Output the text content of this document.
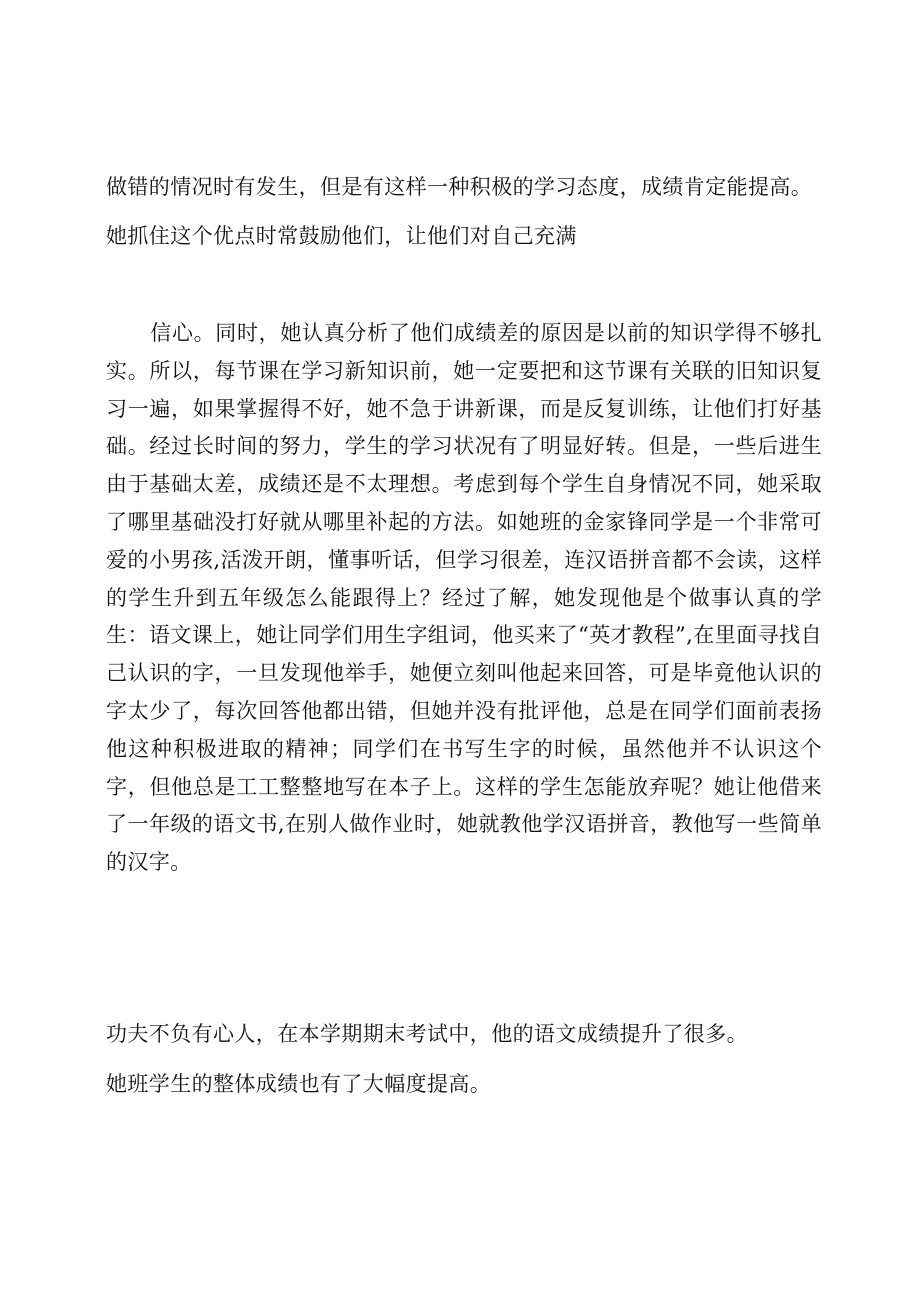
做错的情况时有发生，但是有这样一种积极的学习态度，成绩肯定能提高。
她抓住这个优点时常鼓励他们，让他们对自己充满
信心。同时，她认真分析了他们成绩差的原因是以前的知识学得不够扎实。所以，每节课在学习新知识前，她一定要把和这节课有关联的旧知识复习一遍，如果掌握得不好，她不急于讲新课，而是反复训练，让他们打好基础。经过长时间的努力，学生的学习状况有了明显好转。但是，一些后进生由于基础太差，成绩还是不太理想。考虑到每个学生自身情况不同，她采取了哪里基础没打好就从哪里补起的方法。如她班的金家锋同学是一个非常可爱的小男孩,活泼开朗，懂事听话，但学习很差，连汉语拼音都不会读，这样的学生升到五年级怎么能跟得上？经过了解，她发现他是个做事认真的学生：语文课上，她让同学们用生字组词，他买来了“英才教程”,在里面寻找自己认识的字，一旦发现他举手，她便立刻叫他起来回答，可是毕竟他认识的字太少了，每次回答他都出错，但她并没有批评他，总是在同学们面前表扬他这种积极进取的精神；同学们在书写生字的时候，虽然他并不认识这个字，但他总是工工整整地写在本子上。这样的学生怎能放弃呢？她让他借来了一年级的语文书,在别人做作业时，她就教他学汉语拼音，教他写一些简单的汉字。
功夫不负有心人，在本学期期末考试中，他的语文成绩提升了很多。
她班学生的整体成绩也有了大幅度提高。
